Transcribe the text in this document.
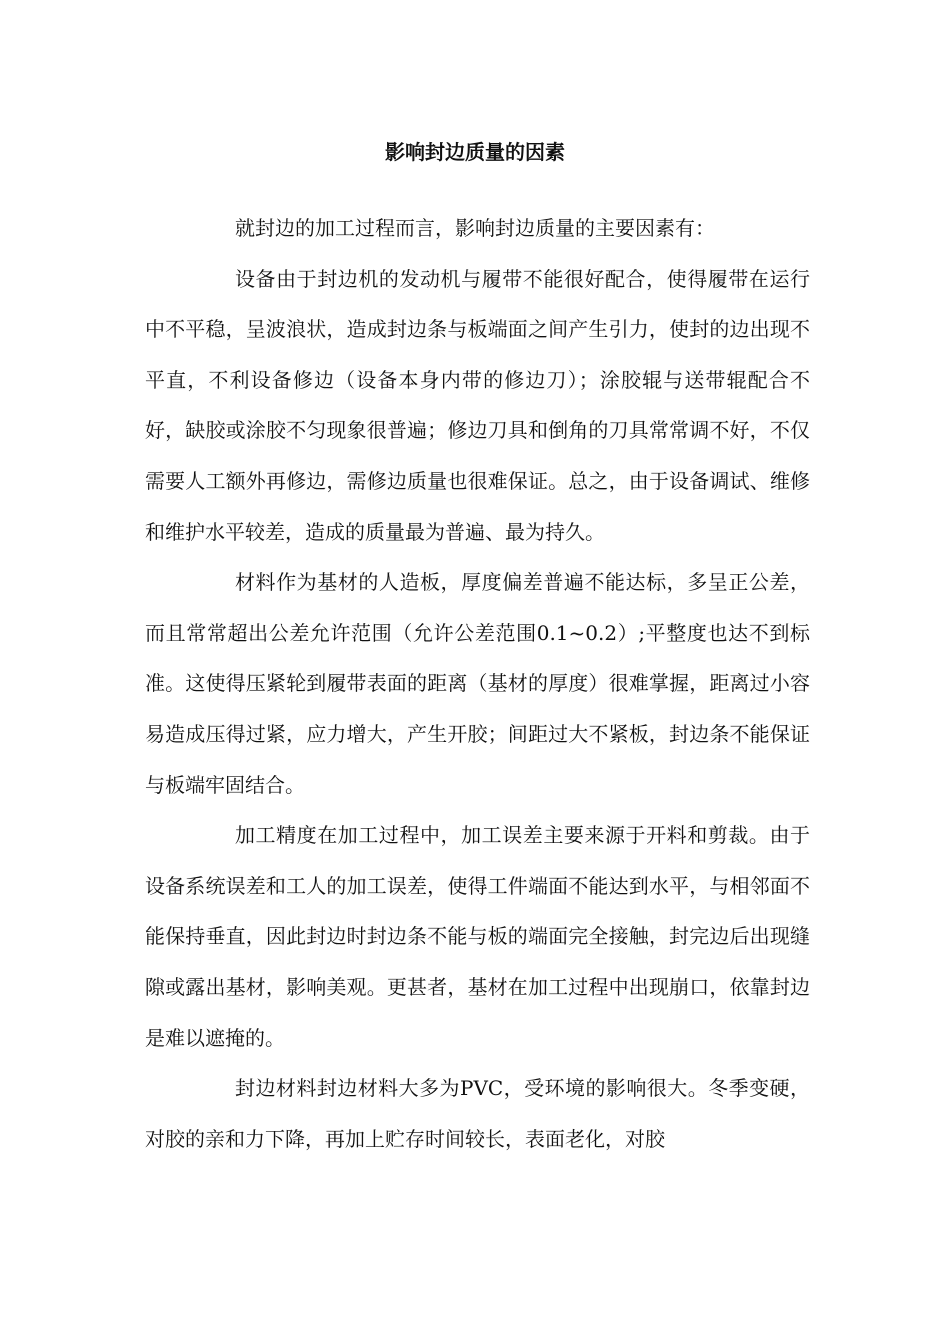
影响封边质量的因素

就封边的加工过程而言，影响封边质量的主要因素有：

设备由于封边机的发动机与履带不能很好配合，使得履带在运行中不平稳，呈波浪状，造成封边条与板端面之间产生引力，使封的边出现不平直，不利设备修边（设备本身内带的修边刀）；涂胶辊与送带辊配合不好，缺胶或涂胶不匀现象很普遍；修边刀具和倒角的刀具常常调不好，不仅需要人工额外再修边，需修边质量也很难保证。总之，由于设备调试、维修和维护水平较差，造成的质量最为普遍、最为持久。

材料作为基材的人造板，厚度偏差普遍不能达标，多呈正公差，而且常常超出公差允许范围（允许公差范围0.1~0.2）;平整度也达不到标准。这使得压紧轮到履带表面的距离（基材的厚度）很难掌握，距离过小容易造成压得过紧，应力增大，产生开胶；间距过大不紧板，封边条不能保证与板端牢固结合。

加工精度在加工过程中，加工误差主要来源于开料和剪裁。由于设备系统误差和工人的加工误差，使得工件端面不能达到水平，与相邻面不能保持垂直，因此封边时封边条不能与板的端面完全接触，封完边后出现缝隙或露出基材，影响美观。更甚者，基材在加工过程中出现崩口，依靠封边是难以遮掩的。

封边材料封边材料大多为PVC，受环境的影响很大。冬季变硬，对胶的亲和力下降，再加上贮存时间较长，表面老化，对胶
